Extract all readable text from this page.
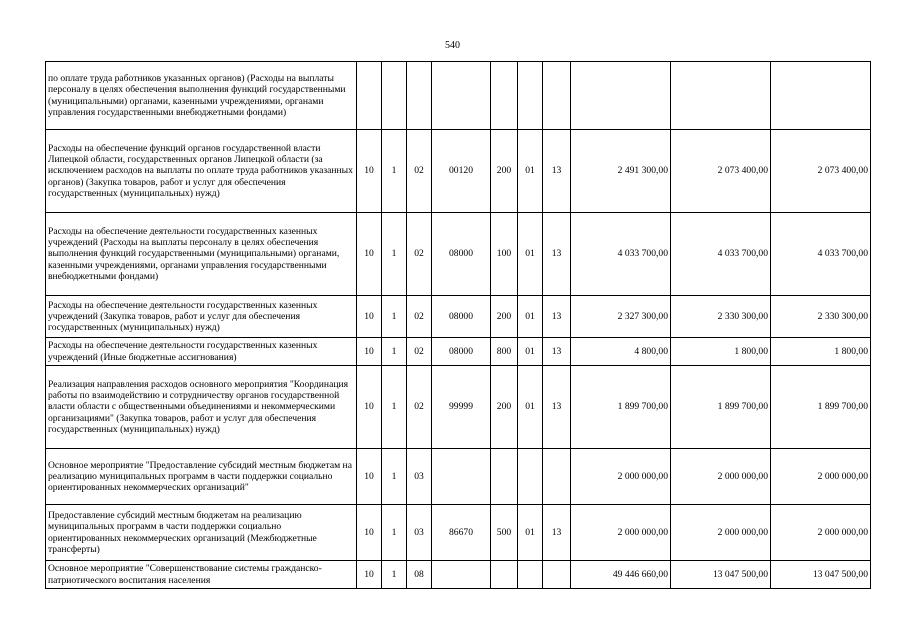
540
по оплате труда работников указанных органов) (Расходы на выплаты персоналу в целях обеспечения выполнения функций государственными (муниципальными) органами, казенными учреждениями, органами управления государственными внебюджетными фондами)										
Расходы на обеспечение функций органов государственной власти Липецкой области, государственных органов Липецкой области (за исключением расходов на выплаты по оплате труда работников указанных органов) (Закупка товаров, работ и услуг для обеспечения государственных (муниципальных) нужд)	10	1	02	00120	200	01	13	2 491 300,00	2 073 400,00	2 073 400,00
Расходы на обеспечение деятельности государственных казенных учреждений (Расходы на выплаты персоналу в целях обеспечения выполнения функций государственными (муниципальными) органами, казенными учреждениями, органами управления государственными внебюджетными фондами)	10	1	02	08000	100	01	13	4 033 700,00	4 033 700,00	4 033 700,00
Расходы на обеспечение деятельности государственных казенных учреждений (Закупка товаров, работ и услуг для обеспечения государственных (муниципальных) нужд)	10	1	02	08000	200	01	13	2 327 300,00	2 330 300,00	2 330 300,00
Расходы на обеспечение деятельности государственных казенных учреждений (Иные бюджетные ассигнования)	10	1	02	08000	800	01	13	4 800,00	1 800,00	1 800,00
Реализация направления расходов основного мероприятия "Координация работы по взаимодействию и сотрудничеству органов государственной власти области с общественными объединениями и некоммерческими организациями" (Закупка товаров, работ и услуг для обеспечения государственных (муниципальных) нужд)	10	1	02	99999	200	01	13	1 899 700,00	1 899 700,00	1 899 700,00
Основное мероприятие "Предоставление субсидий местным бюджетам на реализацию муниципальных программ в части поддержки социально ориентированных некоммерческих организаций"	10	1	03					2 000 000,00	2 000 000,00	2 000 000,00
Предоставление субсидий местным бюджетам на реализацию муниципальных программ в части поддержки социально ориентированных некоммерческих организаций (Межбюджетные трансферты)	10	1	03	86670	500	01	13	2 000 000,00	2 000 000,00	2 000 000,00
Основное мероприятие "Совершенствование системы гражданско-патриотического воспитания населения	10	1	08					49 446 660,00	13 047 500,00	13 047 500,00
